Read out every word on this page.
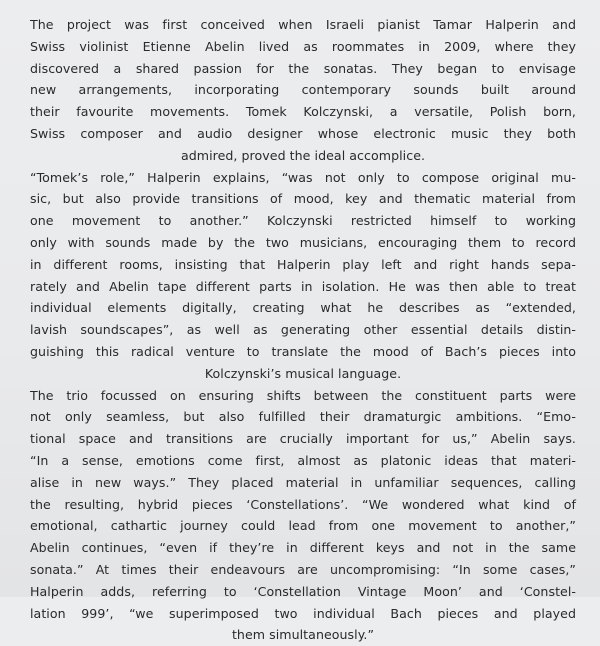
The project was first conceived when Israeli pianist Tamar Halperin and
Swiss violinist Etienne Abelin lived as roommates in 2009, where they
discovered a shared passion for the sonatas. They began to envisage
new arrangements, incorporating contemporary sounds built around
their favourite movements. Tomek Kolczynski, a versatile, Polish born,
Swiss composer and audio designer whose electronic music they both
admired, proved the ideal accomplice.
“Tomek’s role,” Halperin explains, “was not only to compose original mu-
sic, but also provide transitions of mood, key and thematic material from
one movement to another.” Kolczynski restricted himself to working
only with sounds made by the two musicians, encouraging them to record
in different rooms, insisting that Halperin play left and right hands sepa-
rately and Abelin tape different parts in isolation. He was then able to treat
individual elements digitally, creating what he describes as “extended,
lavish soundscapes”, as well as generating other essential details distin-
guishing this radical venture to translate the mood of Bach’s pieces into
Kolczynski’s musical language.
The trio focussed on ensuring shifts between the constituent parts were
not only seamless, but also fulfilled their dramaturgic ambitions. “Emo-
tional space and transitions are crucially important for us,” Abelin says.
“In a sense, emotions come first, almost as platonic ideas that materi-
alise in new ways.” They placed material in unfamiliar sequences, calling
the resulting, hybrid pieces ‘Constellations’. “We wondered what kind of
emotional, cathartic journey could lead from one movement to another,”
Abelin continues, “even if they’re in different keys and not in the same
sonata.” At times their endeavours are uncompromising: “In some cases,”
Halperin adds, referring to ‘Constellation Vintage Moon’ and ‘Constel-
lation 999’, “we superimposed two individual Bach pieces and played
them simultaneously.”
